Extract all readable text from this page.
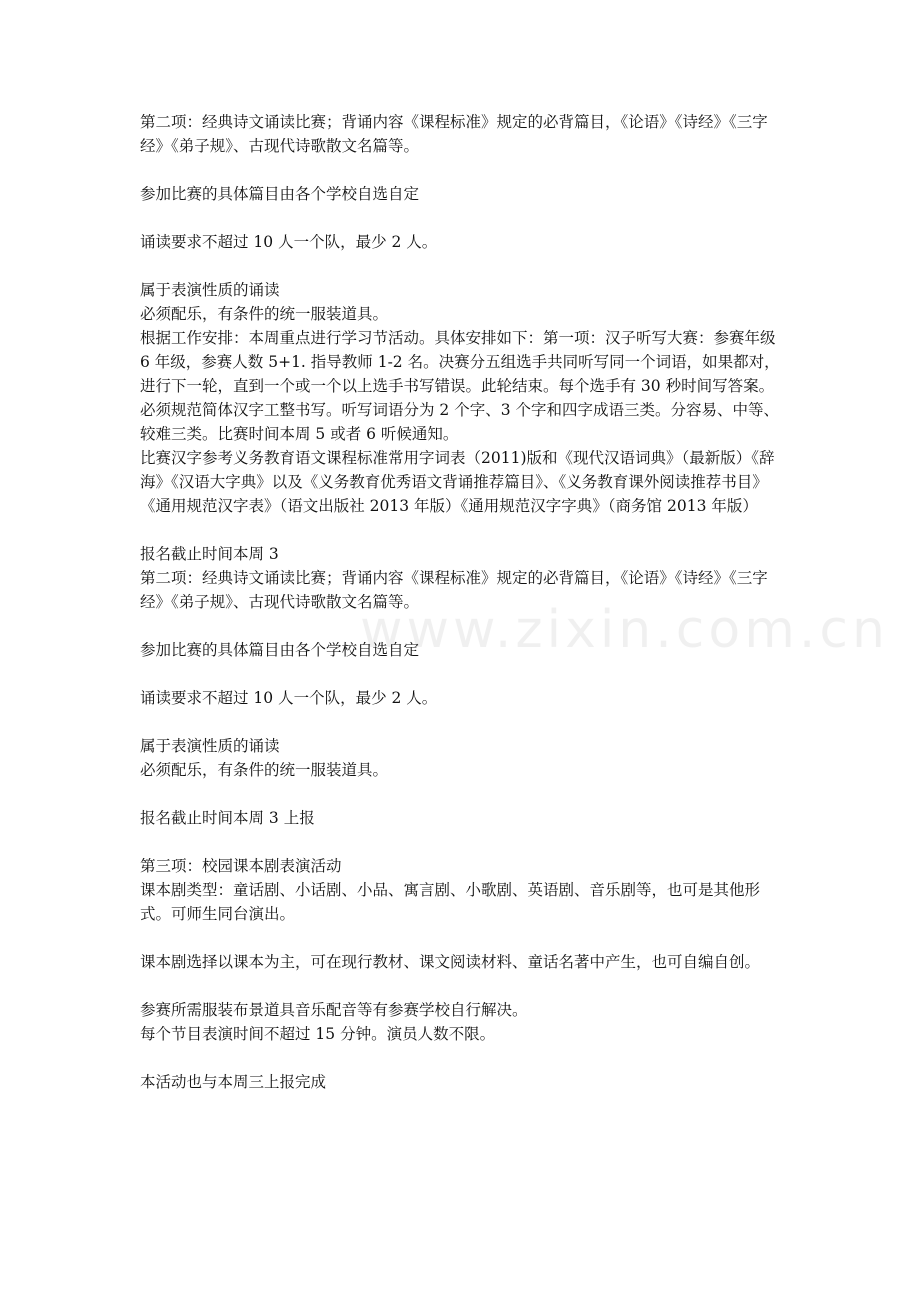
第二项：经典诗文诵读比赛；背诵内容《课程标准》规定的必背篇目，《论语》《诗经》《三字经》《弟子规》、古现代诗歌散文名篇等。

参加比赛的具体篇目由各个学校自选自定

诵读要求不超过 10 人一个队，最少 2 人。

属于表演性质的诵读

必须配乐，有条件的统一服装道具。

根据工作安排：本周重点进行学习节活动。具体安排如下：第一项：汉子听写大赛：参赛年级 6 年级，参赛人数 5+1. 指导教师 1-2 名。决赛分五组选手共同听写同一个词语，如果都对，进行下一轮，直到一个或一个以上选手书写错误。此轮结束。每个选手有 30 秒时间写答案。必须规范简体汉字工整书写。听写词语分为 2 个字、3 个字和四字成语三类。分容易、中等、较难三类。比赛时间本周 5 或者 6 听候通知。

比赛汉字参考义务教育语文课程标准常用字词表（2011)版和《现代汉语词典》（最新版）《辞海》《汉语大字典》以及《义务教育优秀语文背诵推荐篇目》、《义务教育课外阅读推荐书目》《通用规范汉字表》（语文出版社 2013 年版）《通用规范汉字字典》（商务馆 2013 年版）

报名截止时间本周 3

第二项：经典诗文诵读比赛；背诵内容《课程标准》规定的必背篇目，《论语》《诗经》《三字经》《弟子规》、古现代诗歌散文名篇等。

参加比赛的具体篇目由各个学校自选自定

诵读要求不超过 10 人一个队，最少 2 人。

属于表演性质的诵读

必须配乐，有条件的统一服装道具。

报名截止时间本周 3 上报

第三项：校园课本剧表演活动

课本剧类型：童话剧、小话剧、小品、寓言剧、小歌剧、英语剧、音乐剧等，也可是其他形式。可师生同台演出。

课本剧选择以课本为主，可在现行教材、课文阅读材料、童话名著中产生，也可自编自创。

参赛所需服装布景道具音乐配音等有参赛学校自行解决。

每个节目表演时间不超过 15 分钟。演员人数不限。

本活动也与本周三上报完成

www.zixin.com.cn
